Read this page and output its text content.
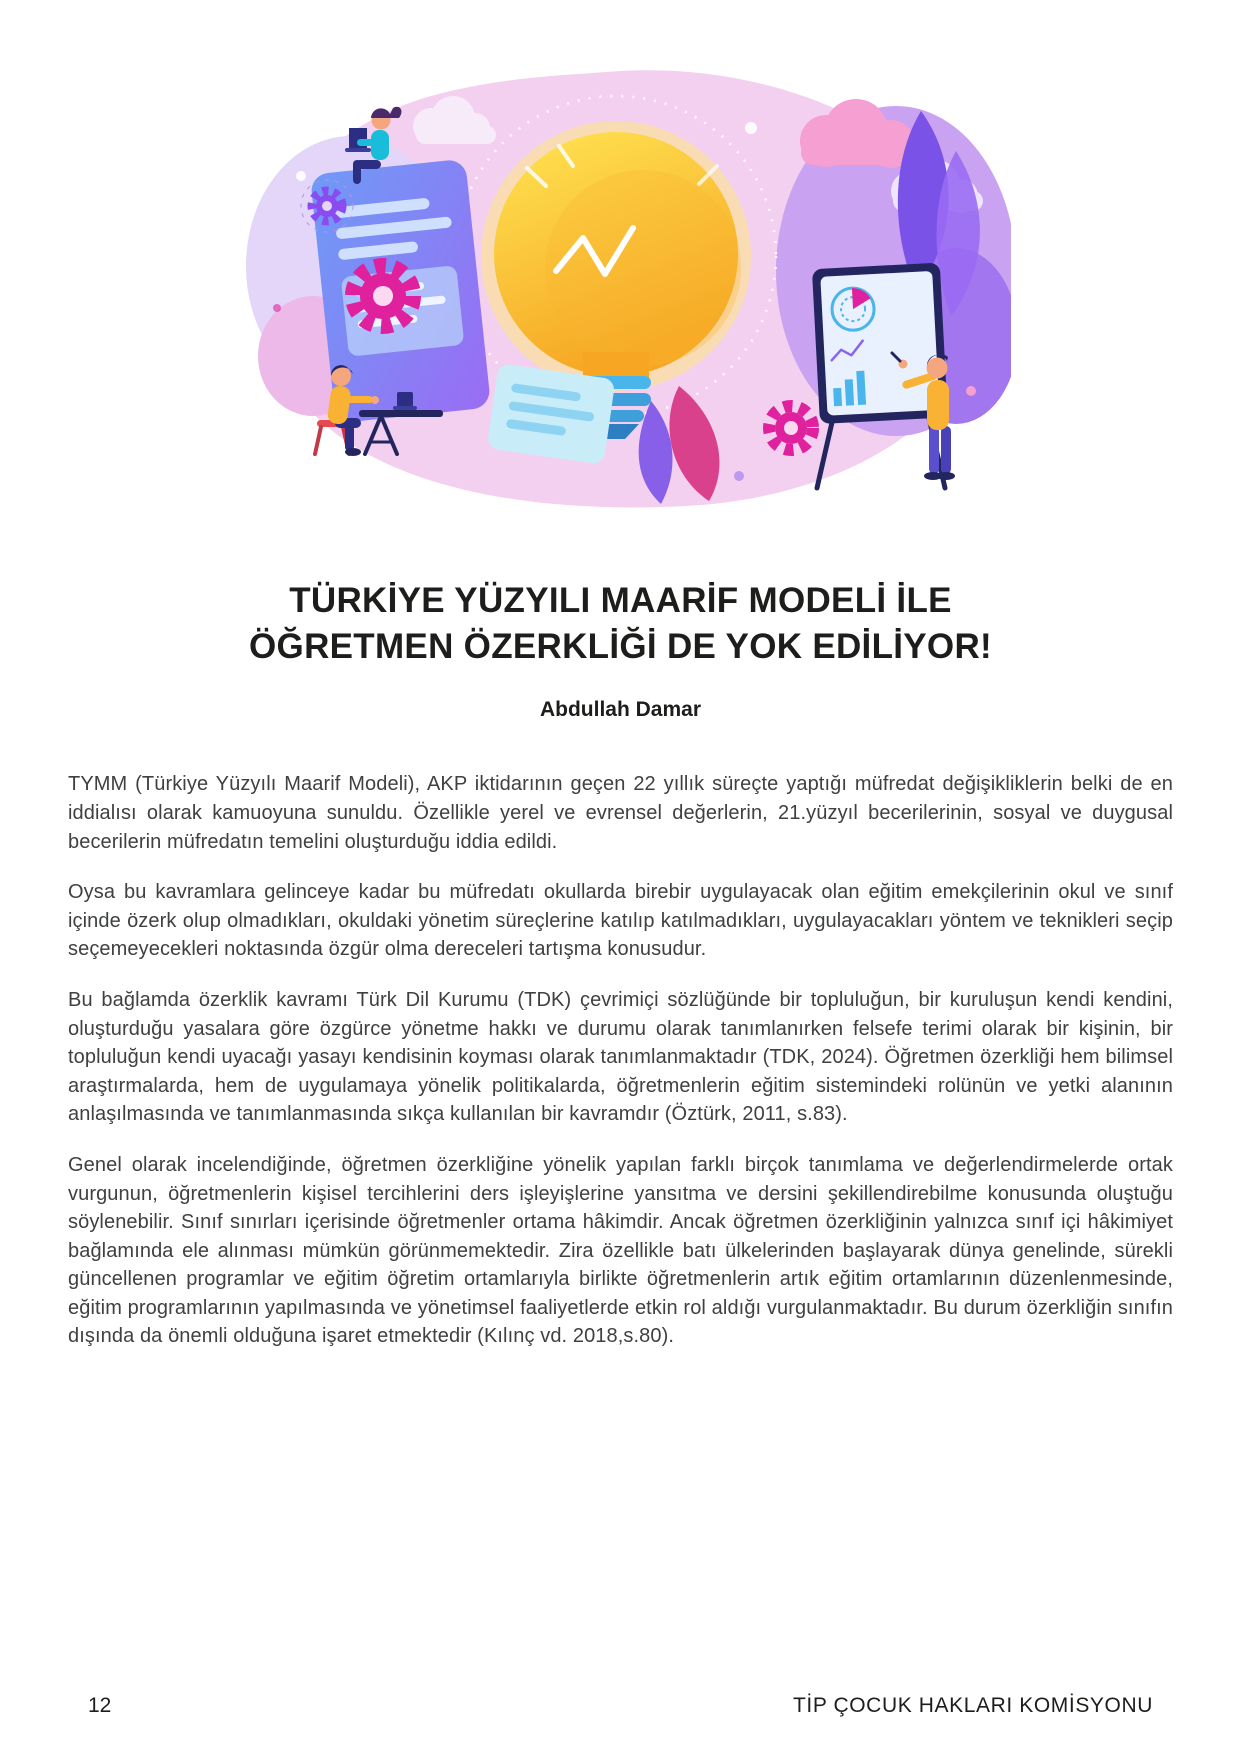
TÜRKİYE YÜZYILI MAARİF MODELİ İLE
ÖĞRETMEN ÖZERKLİĞİ DE YOK EDİLİYOR!
Abdullah Damar

TYMM (Türkiye Yüzyılı Maarif Modeli), AKP iktidarının geçen 22 yıllık süreçte yaptığı müfredat değişikliklerin belki de en iddialısı olarak kamuoyuna sunuldu. Özellikle yerel ve evrensel değerlerin, 21.yüzyıl becerilerinin, sosyal ve duygusal becerilerin müfredatın temelini oluşturduğu iddia edildi.

Oysa bu kavramlara gelinceye kadar bu müfredatı okullarda birebir uygulayacak olan eğitim emekçilerinin okul ve sınıf içinde özerk olup olmadıkları, okuldaki yönetim süreçlerine katılıp katılmadıkları, uygulayacakları yöntem ve teknikleri seçip seçemeyecekleri noktasında özgür olma dereceleri tartışma konusudur.

Bu bağlamda özerklik kavramı Türk Dil Kurumu (TDK) çevrimiçi sözlüğünde bir topluluğun, bir kuruluşun kendi kendini, oluşturduğu yasalara göre özgürce yönetme hakkı ve durumu olarak tanımlanırken felsefe terimi olarak bir kişinin, bir topluluğun kendi uyacağı yasayı kendisinin koyması olarak tanımlanmaktadır (TDK, 2024). Öğretmen özerkliği hem bilimsel araştırmalarda, hem de uygulamaya yönelik politikalarda, öğretmenlerin eğitim sistemindeki rolünün ve yetki alanının anlaşılmasında ve tanımlanmasında sıkça kullanılan bir kavramdır (Öztürk, 2011, s.83).

Genel olarak incelendiğinde, öğretmen özerkliğine yönelik yapılan farklı birçok tanımlama ve değerlendirmelerde ortak vurgunun, öğretmenlerin kişisel tercihlerini ders işleyişlerine yansıtma ve dersini şekillendirebilme konusunda oluştuğu söylenebilir. Sınıf sınırları içerisinde öğretmenler ortama hâkimdir. Ancak öğretmen özerkliğinin yalnızca sınıf içi hâkimiyet bağlamında ele alınması mümkün görünmemektedir. Zira özellikle batı ülkelerinden başlayarak dünya genelinde, sürekli güncellenen programlar ve eğitim öğretim ortamlarıyla birlikte öğretmenlerin artık eğitim ortamlarının düzenlenmesinde, eğitim programlarının yapılmasında ve yönetimsel faaliyetlerde etkin rol aldığı vurgulanmaktadır. Bu durum özerkliğin sınıfın dışında da önemli olduğuna işaret etmektedir (Kılınç vd. 2018,s.80).

12	TİP ÇOCUK HAKLARI KOMİSYONU
